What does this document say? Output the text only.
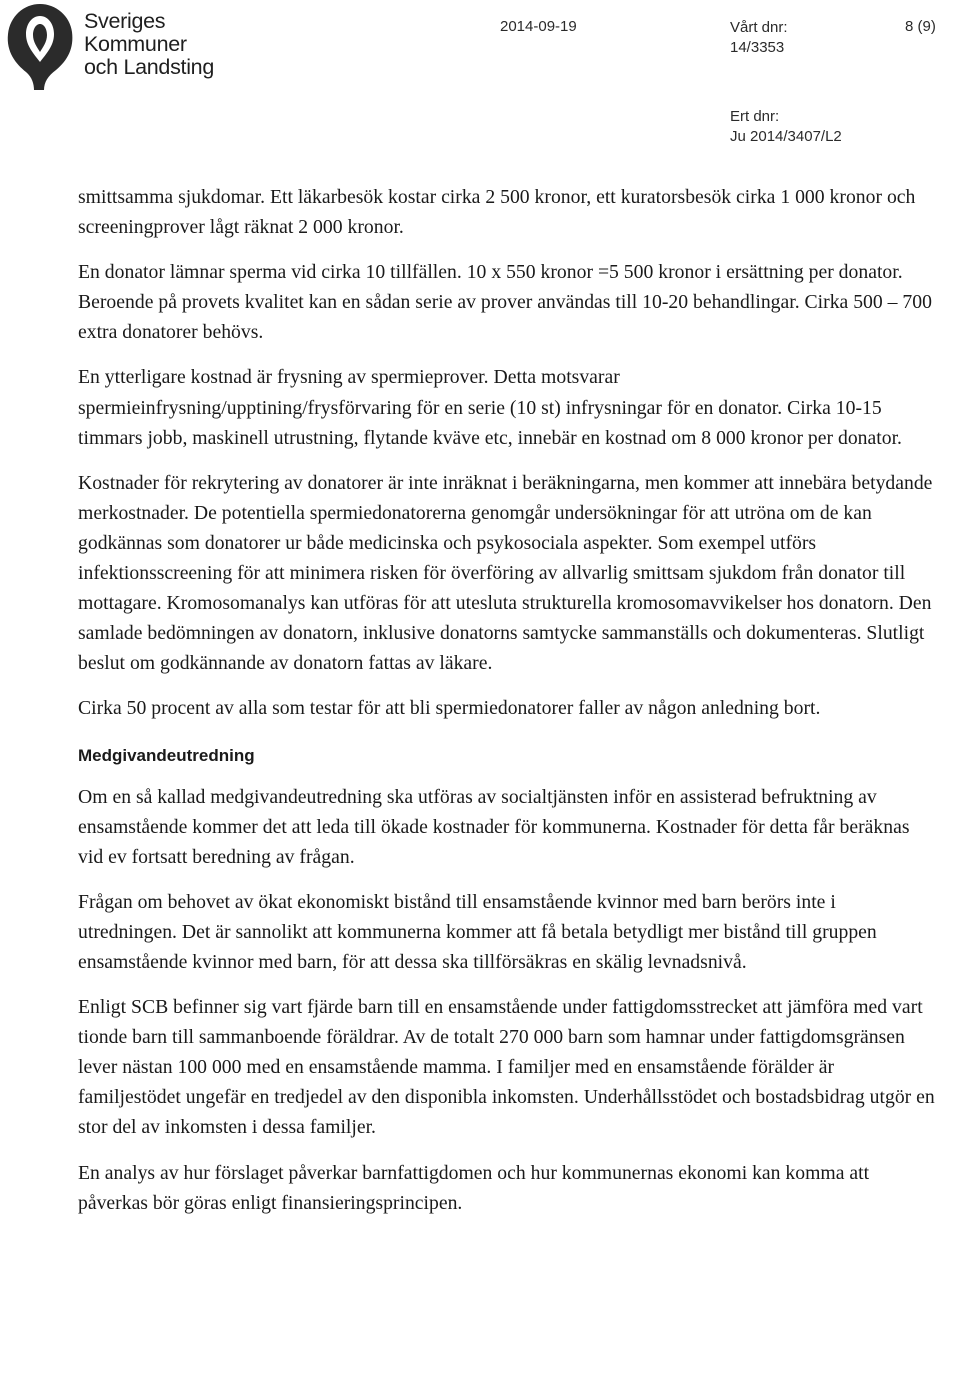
Sveriges
Kommuner
och Landsting
2014-09-19	Vårt dnr:
14/3353
8 (9)
Ert dnr:
Ju 2014/3407/L2

smittsamma sjukdomar. Ett läkarbesök kostar cirka 2 500 kronor, ett kuratorsbesök cirka 1 000 kronor och screeningprover lågt räknat 2 000 kronor.

En donator lämnar sperma vid cirka 10 tillfällen. 10 x 550 kronor =5 500 kronor i ersättning per donator. Beroende på provets kvalitet kan en sådan serie av prover användas till 10-20 behandlingar. Cirka 500 – 700 extra donatorer behövs.

En ytterligare kostnad är frysning av spermieprover. Detta motsvarar spermieinfrysning/upptining/frysförvaring för en serie (10 st) infrysningar för en donator. Cirka 10-15 timmars jobb, maskinell utrustning, flytande kväve etc, innebär en kostnad om 8 000 kronor per donator.

Kostnader för rekrytering av donatorer är inte inräknat i beräkningarna, men kommer att innebära betydande merkostnader. De potentiella spermiedonatorerna genomgår undersökningar för att utröna om de kan godkännas som donatorer ur både medicinska och psykosociala aspekter. Som exempel utförs infektionsscreening för att minimera risken för överföring av allvarlig smittsam sjukdom från donator till mottagare. Kromosomanalys kan utföras för att utesluta strukturella kromosomavvikelser hos donatorn. Den samlade bedömningen av donatorn, inklusive donatorns samtycke sammanställs och dokumenteras. Slutligt beslut om godkännande av donatorn fattas av läkare.

Cirka 50 procent av alla som testar för att bli spermiedonatorer faller av någon anledning bort.

Medgivandeutredning

Om en så kallad medgivandeutredning ska utföras av socialtjänsten inför en assisterad befruktning av ensamstående kommer det att leda till ökade kostnader för kommunerna. Kostnader för detta får beräknas vid ev fortsatt beredning av frågan.

Frågan om behovet av ökat ekonomiskt bistånd till ensamstående kvinnor med barn berörs inte i utredningen. Det är sannolikt att kommunerna kommer att få betala betydligt mer bistånd till gruppen ensamstående kvinnor med barn, för att dessa ska tillförsäkras en skälig levnadsnivå.

Enligt SCB befinner sig vart fjärde barn till en ensamstående under fattigdomsstrecket att jämföra med vart tionde barn till sammanboende föräldrar. Av de totalt 270 000 barn som hamnar under fattigdomsgränsen lever nästan 100 000 med en ensamstående mamma. I familjer med en ensamstående förälder är familjestödet ungefär en tredjedel av den disponibla inkomsten. Underhållsstödet och bostadsbidrag utgör en stor del av inkomsten i dessa familjer.

En analys av hur förslaget påverkar barnfattigdomen och hur kommunernas ekonomi kan komma att påverkas bör göras enligt finansieringsprincipen.
